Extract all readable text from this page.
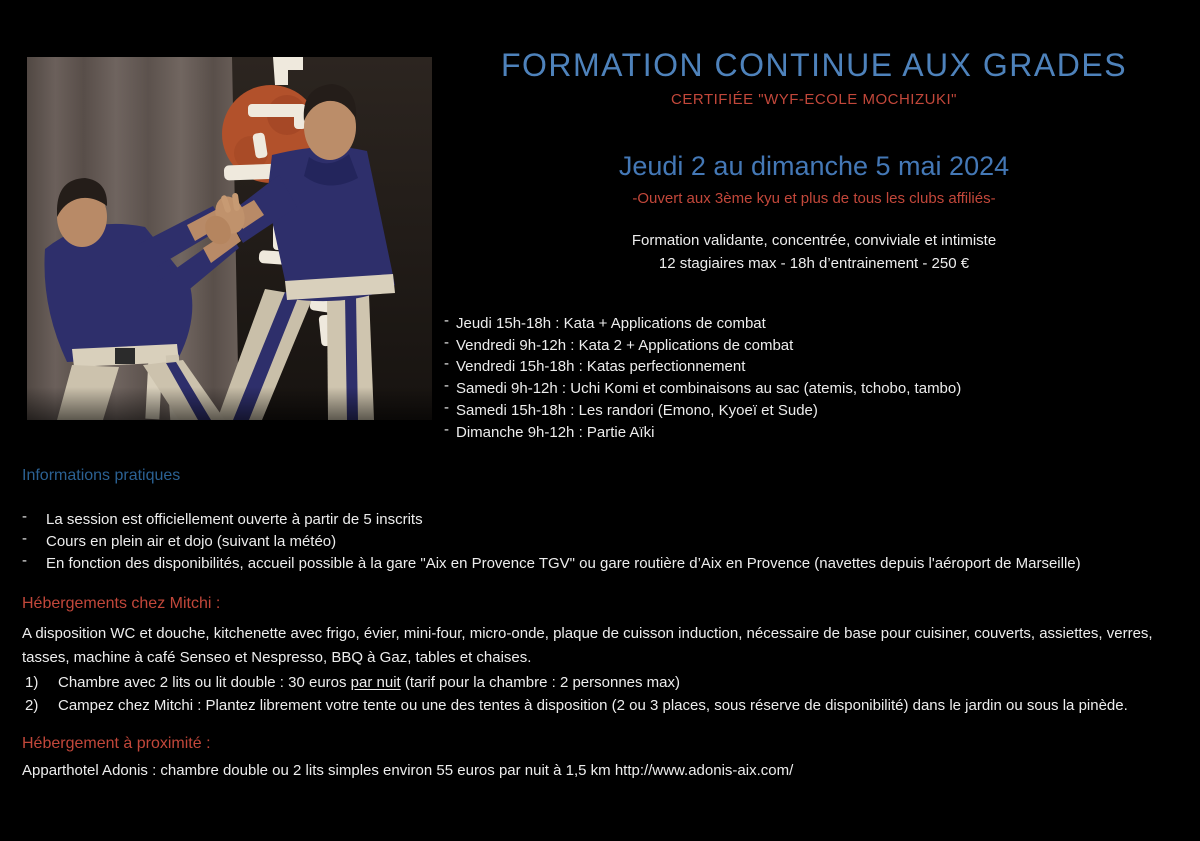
FORMATION CONTINUE AUX GRADES
CERTIFIÉE "WYF-ECOLE MOCHIZUKI"
Jeudi 2 au dimanche 5 mai 2024
-Ouvert aux 3ème kyu et plus de tous les clubs affiliés-
Formation validante, concentrée, conviviale et intimiste
12 stagiaires max - 18h d’entrainement - 250 €
- Jeudi 15h-18h : Kata + Applications de combat
- Vendredi 9h-12h : Kata 2 + Applications de combat
- Vendredi 15h-18h : Katas perfectionnement
- Samedi 9h-12h : Uchi Komi et combinaisons au sac (atemis, tchobo, tambo)
- Samedi 15h-18h : Les randori (Emono, Kyoeï et Sude)
- Dimanche 9h-12h : Partie Aïki
Informations pratiques
-	La session est officiellement ouverte à partir de 5 inscrits
-	Cours en plein air et dojo (suivant la météo)
-	En fonction des disponibilités, accueil possible à la gare "Aix en Provence TGV" ou gare routière d’Aix en Provence (navettes depuis l'aéroport de Marseille)
Hébergements chez Mitchi :
A disposition WC et douche, kitchenette avec frigo, évier, mini-four, micro-onde, plaque de cuisson induction, nécessaire de base pour cuisiner, couverts, assiettes, verres, tasses, machine à café Senseo et Nespresso, BBQ à Gaz, tables et chaises.
1)	Chambre avec 2 lits ou lit double : 30 euros par nuit (tarif pour la chambre : 2 personnes max)
2)	Campez chez Mitchi : Plantez librement votre tente ou une des tentes à disposition (2 ou 3 places, sous réserve de disponibilité) dans le jardin ou sous la pinède.
Hébergement à proximité :
Apparthotel Adonis : chambre double ou 2 lits simples environ 55 euros par nuit à 1,5 km http://www.adonis-aix.com/
